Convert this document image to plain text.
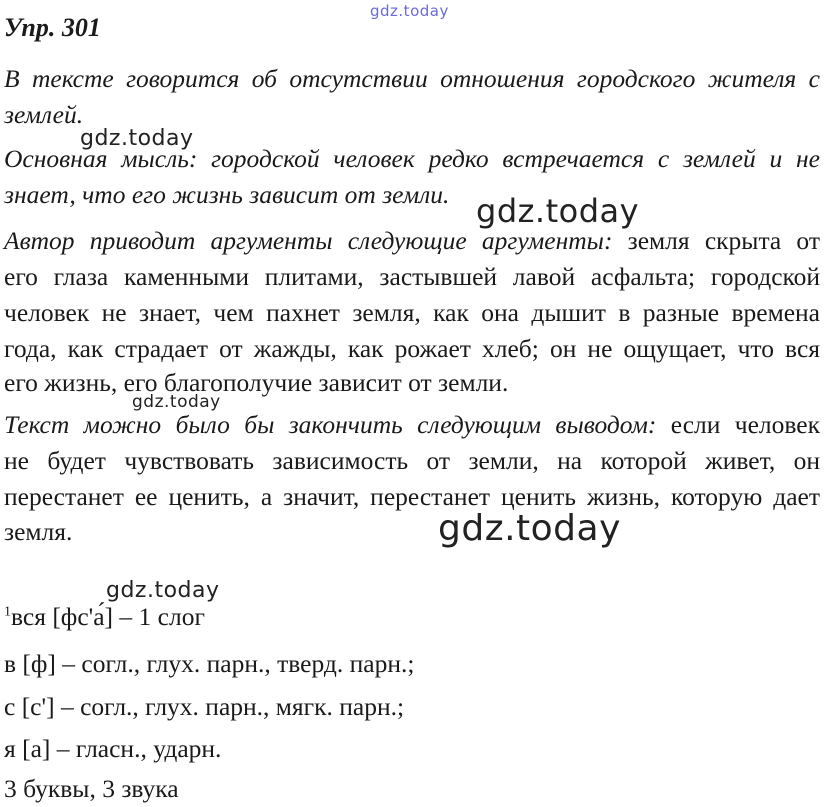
gdz.today
Упр. 301
В тексте говорится об отсутствии отношения городского жителя с
землей.
gdz.today
Основная мысль: городской человек редко встречается с землей и не
знает, что его жизнь зависит от земли. gdz.today
Автор приводит аргументы следующие аргументы: земля скрыта от
его глаза каменными плитами, застывшей лавой асфальта; городской
человек не знает, чем пахнет земля, как она дышит в разные времена
года, как страдает от жажды, как рожает хлеб; он не ощущает, что вся
его жизнь, его благополучие зависит от земли.
gdz.today
Текст можно было бы закончить следующим выводом: если человек
не будет чувствовать зависимость от земли, на которой живет, он
перестанет ее ценить, а значит, перестанет ценить жизнь, которую дает
земля.	gdz.today
gdz.today
$^1$вся [фс'а́] – 1 слог
в [ф] – согл., глух. парн., тверд. парн.;
с [с'] – согл., глух. парн., мягк. парн.;
я [а] – гласн., ударн.
3 буквы, 3 звука
